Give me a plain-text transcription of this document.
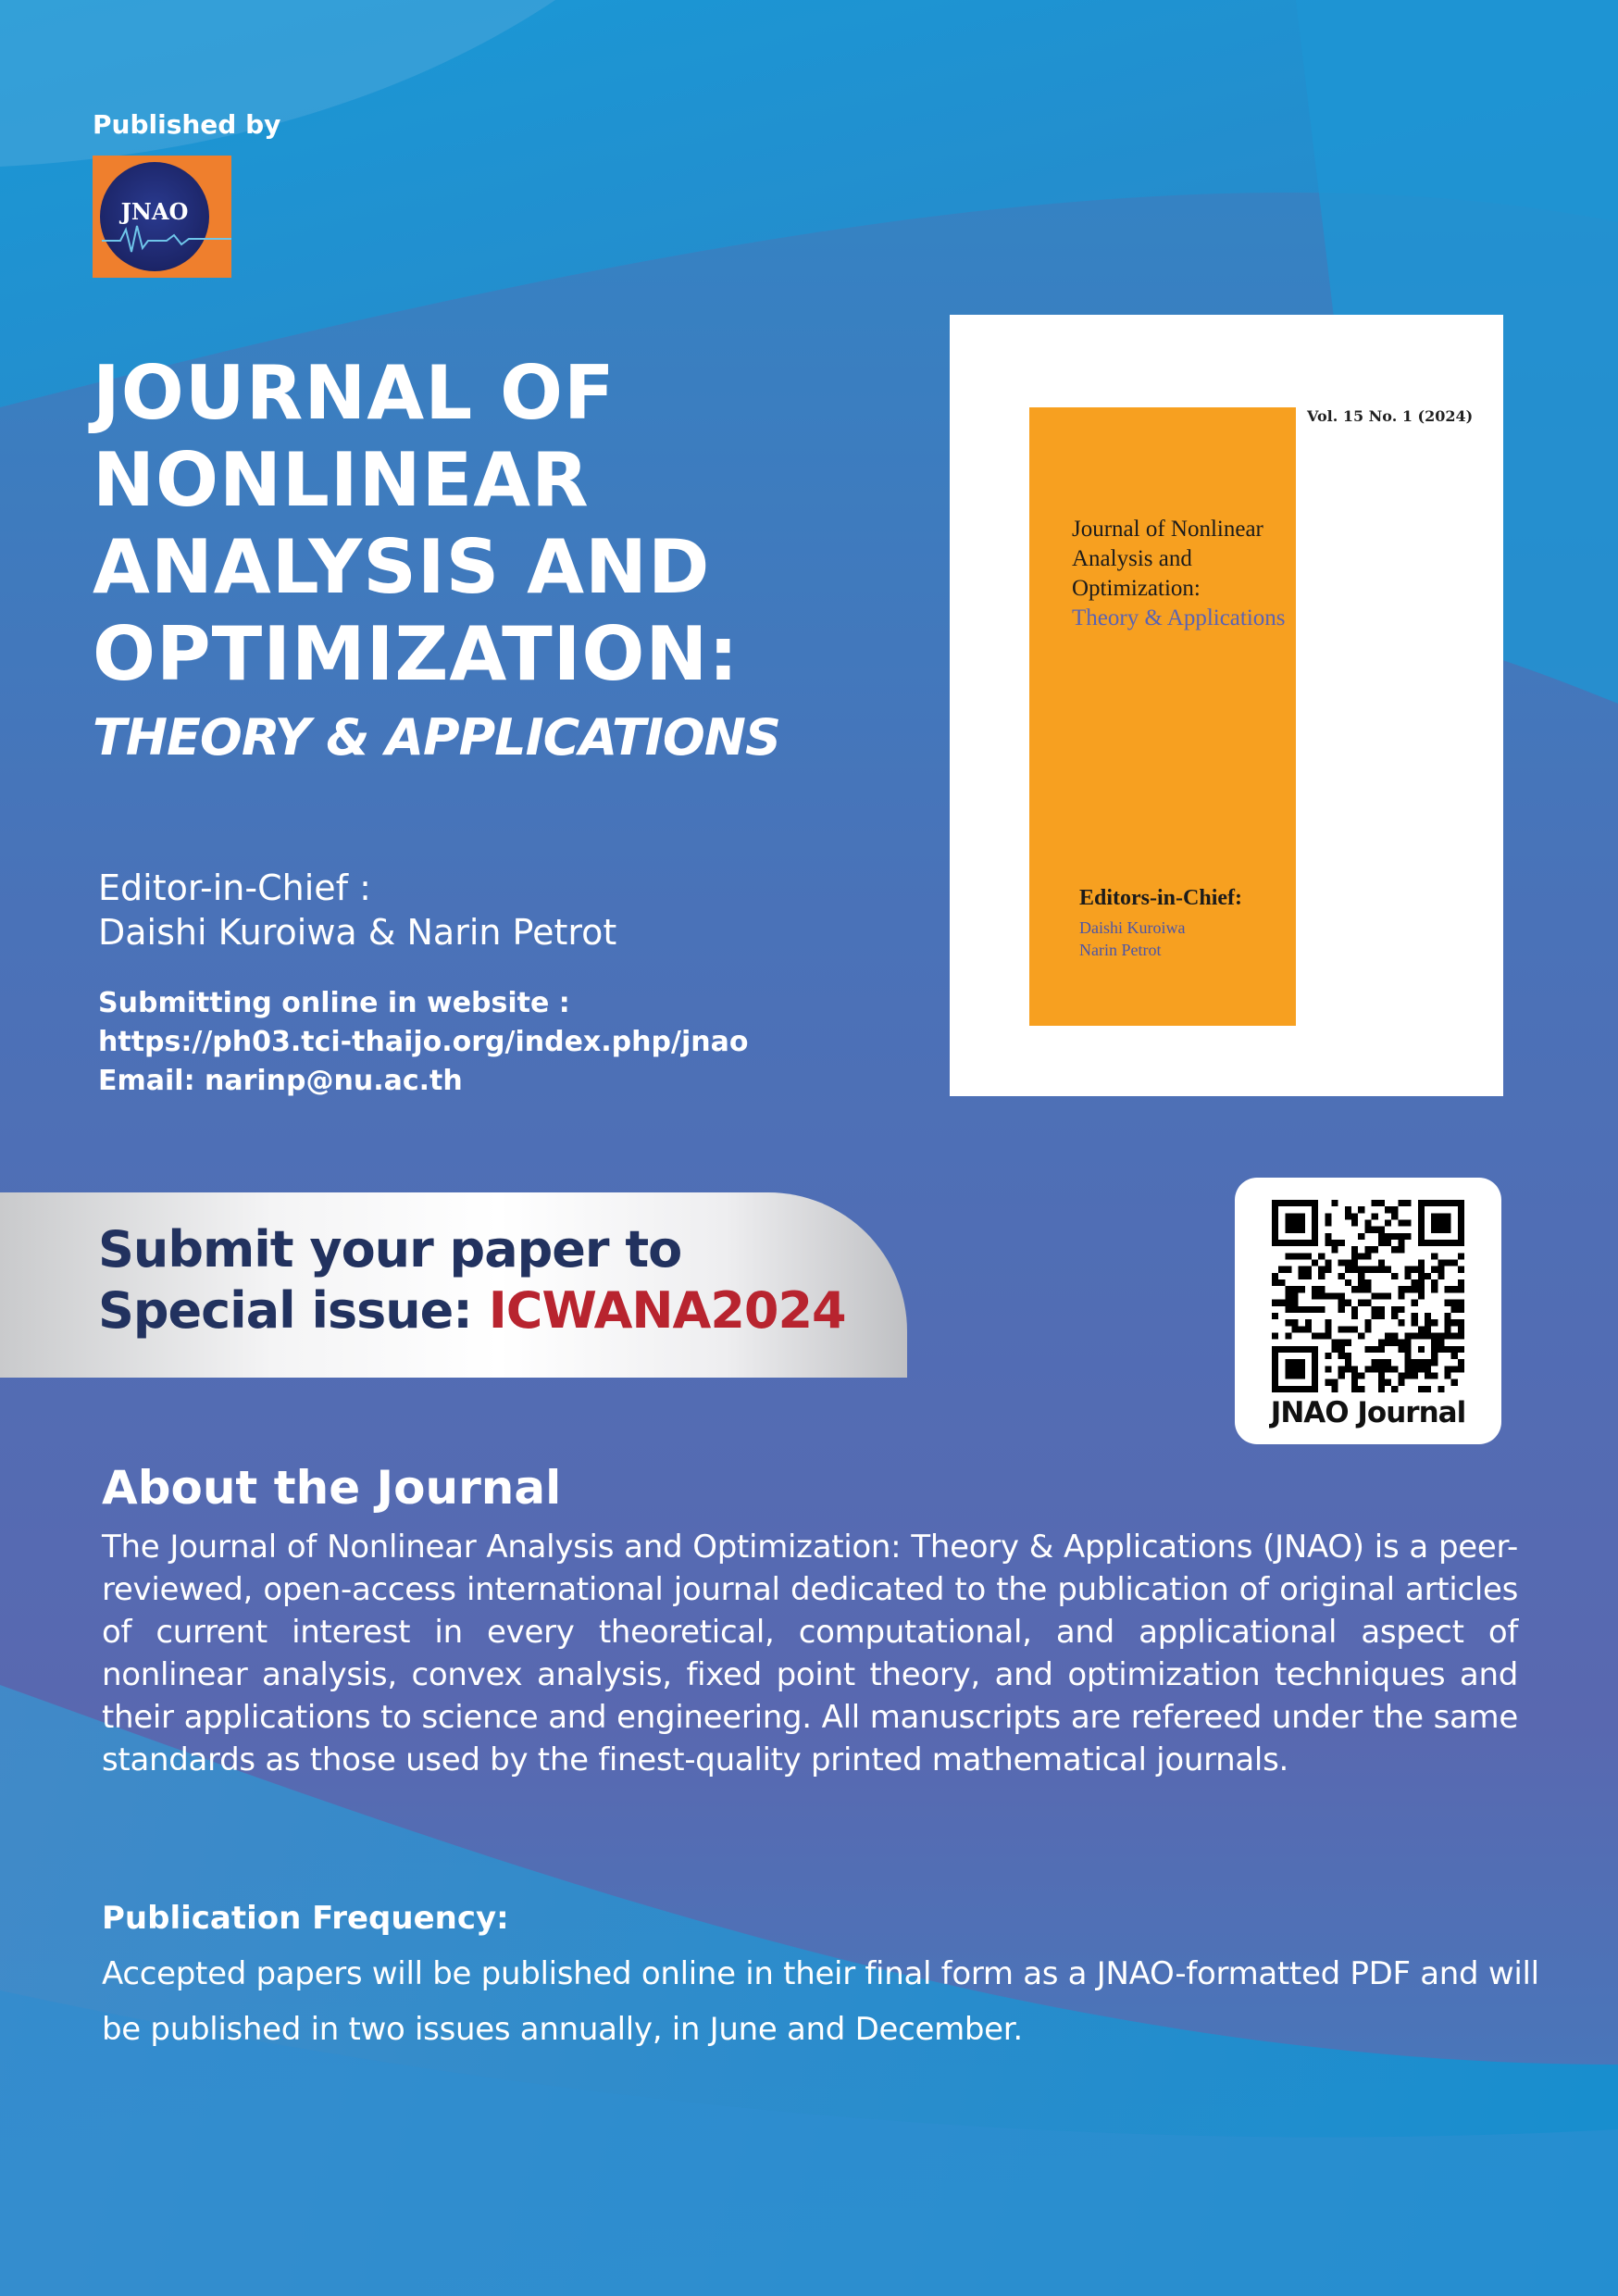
Published by
JNAO
JOURNAL OF NONLINEAR ANALYSIS AND OPTIMIZATION:
THEORY & APPLICATIONS
Editor-in-Chief :
Daishi Kuroiwa & Narin Petrot
Submitting online in website :
https://ph03.tci-thaijo.org/index.php/jnao
Email: narinp@nu.ac.th
Vol. 15 No. 1 (2024)
Journal of Nonlinear
Analysis and
Optimization:
Theory & Applications
Editors-in-Chief:
Daishi Kuroiwa
Narin Petrot
Submit your paper to
Special issue: ICWANA2024
JNAO Journal
About the Journal

The Journal of Nonlinear Analysis and Optimization: Theory & Applications (JNAO) is a peer-reviewed, open-access international journal dedicated to the publication of original articles of current interest in every theoretical, computational, and applicational aspect of nonlinear analysis, convex analysis, fixed point theory, and optimization techniques and their applications to science and engineering. All manuscripts are refereed under the same standards as those used by the finest-quality printed mathematical journals.

Publication Frequency:

Accepted papers will be published online in their final form as a JNAO-formatted PDF and will be published in two issues annually, in June and December.
